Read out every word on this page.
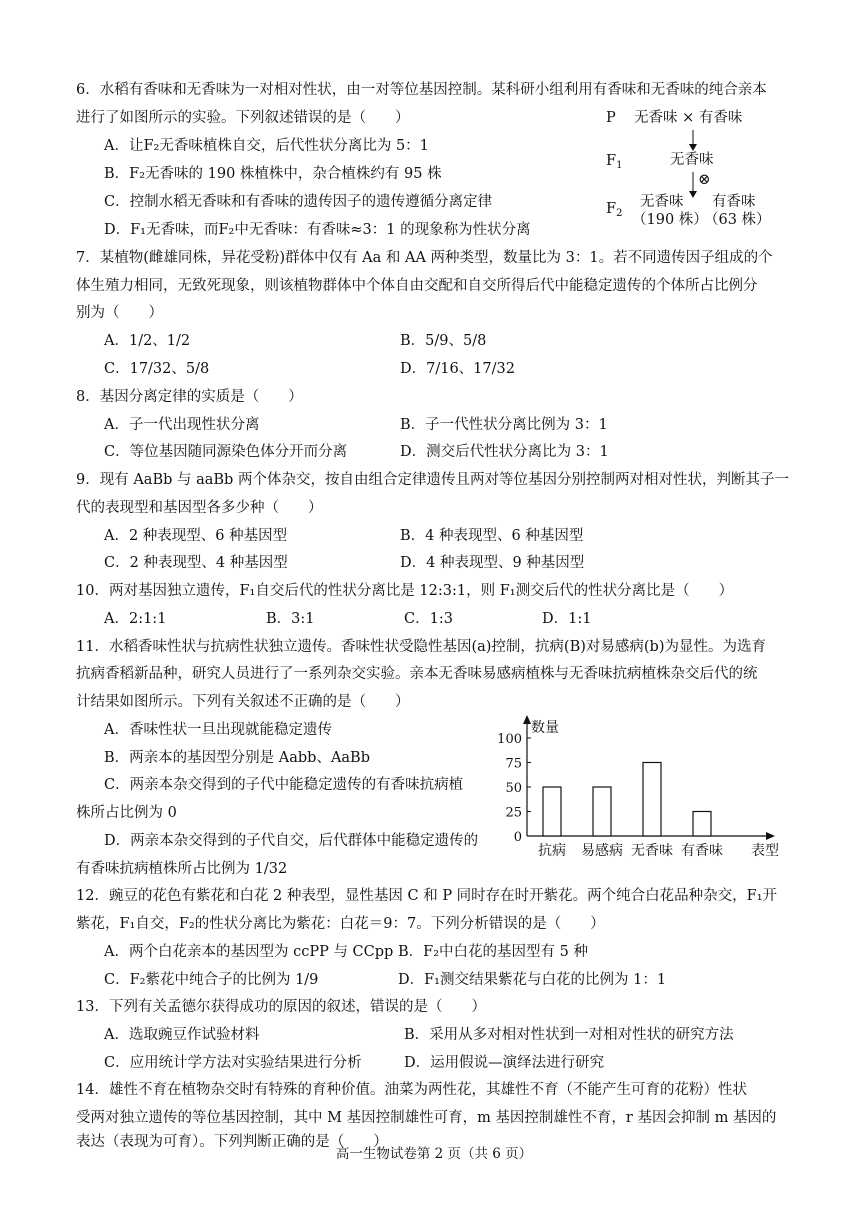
6．水稻有香味和无香味为一对相对性状，由一对等位基因控制。某科研小组利用有香味和无香味的纯合亲本
进行了如图所示的实验。下列叙述错误的是（　　）
A．让F₂无香味植株自交，后代性状分离比为 5：1
B．F₂无香味的 190 株植株中，杂合植株约有 95 株
C．控制水稻无香味和有香味的遗传因子的遗传遵循分离定律
D．F₁无香味，而F₂中无香味：有香味≈3：1 的现象称为性状分离
P 无香味 × 有香味
$F_1$	无香味
⊗
$F_2$
无香味
（190 株）
有香味
（63 株）
7．某植物(雌雄同株，异花受粉)群体中仅有 Aa 和 AA 两种类型，数量比为 3：1。若不同遗传因子组成的个
体生殖力相同，无致死现象，则该植物群体中个体自由交配和自交所得后代中能稳定遗传的个体所占比例分
别为（　　）
A．1/2、1/2	B．5/9、5/8
C．17/32、5/8	D．7/16、17/32
8．基因分离定律的实质是（　　）
A．子一代出现性状分离	B．子一代性状分离比例为 3：1
C．等位基因随同源染色体分开而分离	D．测交后代性状分离比为 3：1
9．现有 AaBb 与 aaBb 两个体杂交，按自由组合定律遗传且两对等位基因分别控制两对相对性状，判断其子一
代的表现型和基因型各多少种（　　）
A．2 种表现型、6 种基因型	B．4 种表现型、6 种基因型
C．2 种表现型、4 种基因型	D．4 种表现型、9 种基因型
10．两对基因独立遗传，F₁自交后代的性状分离比是 12:3:1，则 F₁测交后代的性状分离比是（　　）
A．2:1:1	B．3:1	C．1:3	D．1:1
11．水稻香味性状与抗病性状独立遗传。香味性状受隐性基因(a)控制，抗病(B)对易感病(b)为显性。为选育
抗病香稻新品种，研究人员进行了一系列杂交实验。亲本无香味易感病植株与无香味抗病植株杂交后代的统
计结果如图所示。下列有关叙述不正确的是（　　）
A．香味性状一旦出现就能稳定遗传
B．两亲本的基因型分别是 Aabb、AaBb
C．两亲本杂交得到的子代中能稳定遗传的有香味抗病植
株所占比例为 0
D．两亲本杂交得到的子代自交，后代群体中能稳定遗传的
有香味抗病植株所占比例为 1/32
数量
0
25
50
75
100
抗病 易感病 无香味 有香味 表型
12．豌豆的花色有紫花和白花 2 种表型，显性基因 C 和 P 同时存在时开紫花。两个纯合白花品种杂交，F₁开
紫花，F₁自交，F₂的性状分离比为紫花：白花＝9：7。下列分析错误的是（　　）
A．两个白花亲本的基因型为 ccPP 与 CCpp B．F₂中白花的基因型有 5 种
C．F₂紫花中纯合子的比例为 1/9	D．F₁测交结果紫花与白花的比例为 1：1
13．下列有关孟德尔获得成功的原因的叙述，错误的是（　　）
A．选取豌豆作试验材料	B．采用从多对相对性状到一对相对性状的研究方法
C．应用统计学方法对实验结果进行分析	D．运用假说—演绎法进行研究
14．雄性不育在植物杂交时有特殊的育种价值。油菜为两性花，其雄性不育（不能产生可育的花粉）性状
受两对独立遗传的等位基因控制，其中 M 基因控制雄性可育，m 基因控制雄性不育，r 基因会抑制 m 基因的
表达（表现为可育）。下列判断正确的是（　　）
高一生物试卷第 2 页（共 6 页）
